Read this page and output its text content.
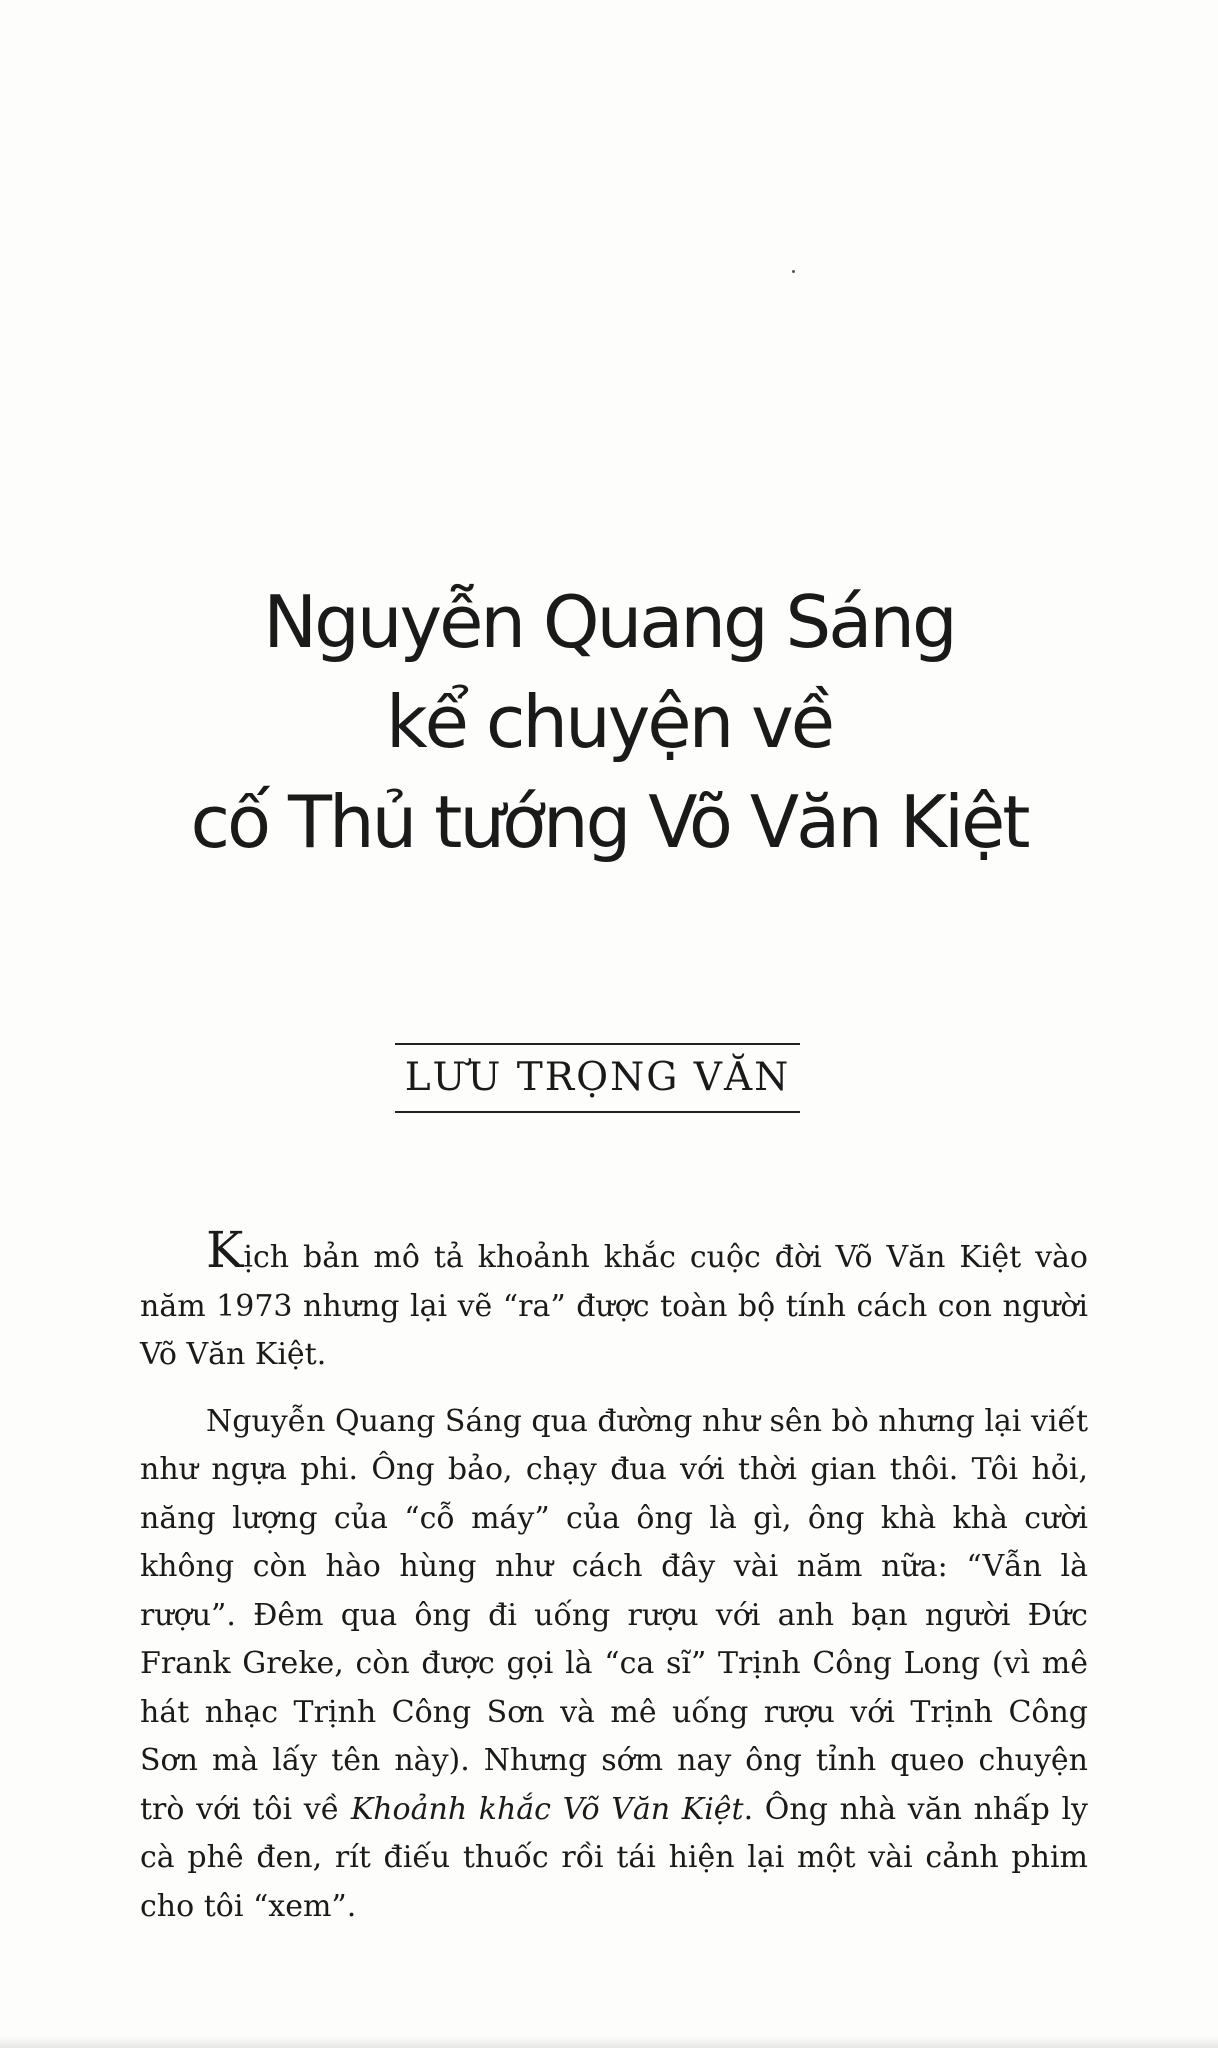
Nguyễn Quang Sáng

kể chuyện về

cố Thủ tướng Võ Văn Kiệt

LƯU TRỌNG VĂN

Kịch bản mô tả khoảnh khắc cuộc đời Võ Văn Kiệt vào năm 1973 nhưng lại vẽ “ra” được toàn bộ tính cách con người Võ Văn Kiệt.

Nguyễn Quang Sáng qua đường như sên bò nhưng lại viết như ngựa phi. Ông bảo, chạy đua với thời gian thôi. Tôi hỏi, năng lượng của “cỗ máy” của ông là gì, ông khà khà cười không còn hào hùng như cách đây vài năm nữa: “Vẫn là rượu”. Đêm qua ông đi uống rượu với anh bạn người Đức Frank Greke, còn được gọi là “ca sĩ” Trịnh Công Long (vì mê hát nhạc Trịnh Công Sơn và mê uống rượu với Trịnh Công Sơn mà lấy tên này). Nhưng sớm nay ông tỉnh queo chuyện trò với tôi về Khoảnh khắc Võ Văn Kiệt. Ông nhà văn nhấp ly cà phê đen, rít điếu thuốc rồi tái hiện lại một vài cảnh phim cho tôi “xem”.
